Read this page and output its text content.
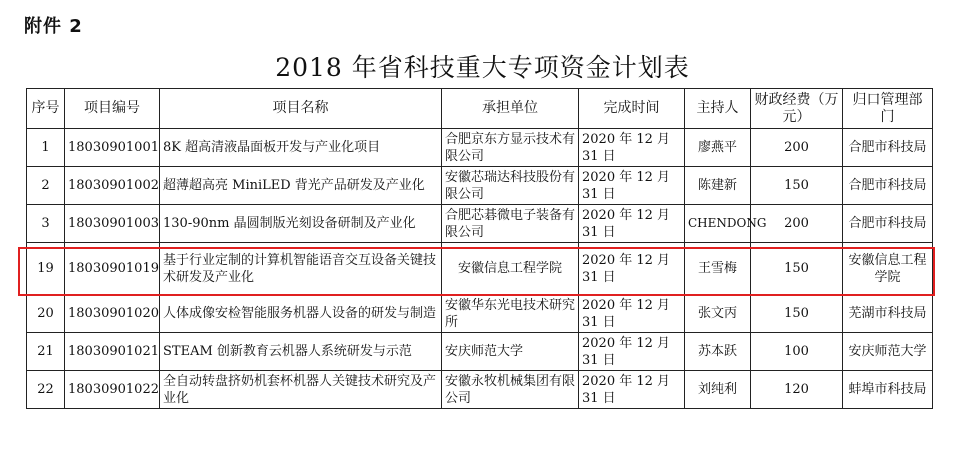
附件 2
2018 年省科技重大专项资金计划表
序号	项目编号	项目名称	承担单位	完成时间	主持人	财政经费（万元）	归口管理部门
1	18030901001	8K 超高清液晶面板开发与产业化项目	合肥京东方显示技术有限公司	2020 年 12 月 31 日	廖燕平	200	合肥市科技局

2	18030901002	超薄超高亮 MiniLED 背光产品研发及产业化	安徽芯瑞达科技股份有限公司	2020 年 12 月 31 日	陈建新	150	合肥市科技局

3	18030901003	130-90nm 晶圆制版光刻设备研制及产业化	合肥芯碁微电子装备有限公司	2020 年 12 月 31 日	CHENDONG	200	合肥市科技局

19	18030901019	基于行业定制的计算机智能语音交互设备关键技术研发及产业化	安徽信息工程学院	2020 年 12 月 31 日	王雪梅	150	安徽信息工程学院

20	18030901020	人体成像安检智能服务机器人设备的研发与制造	安徽华东光电技术研究所	2020 年 12 月 31 日	张文丙	150	芜湖市科技局

21	18030901021	STEAM 创新教育云机器人系统研发与示范	安庆师范大学	2020 年 12 月 31 日	苏本跃	100	安庆师范大学

22	18030901022	全自动转盘挤奶机套杯机器人关键技术研究及产业化	安徽永牧机械集团有限公司	2020 年 12 月 31 日	刘纯利	120	蚌埠市科技局
